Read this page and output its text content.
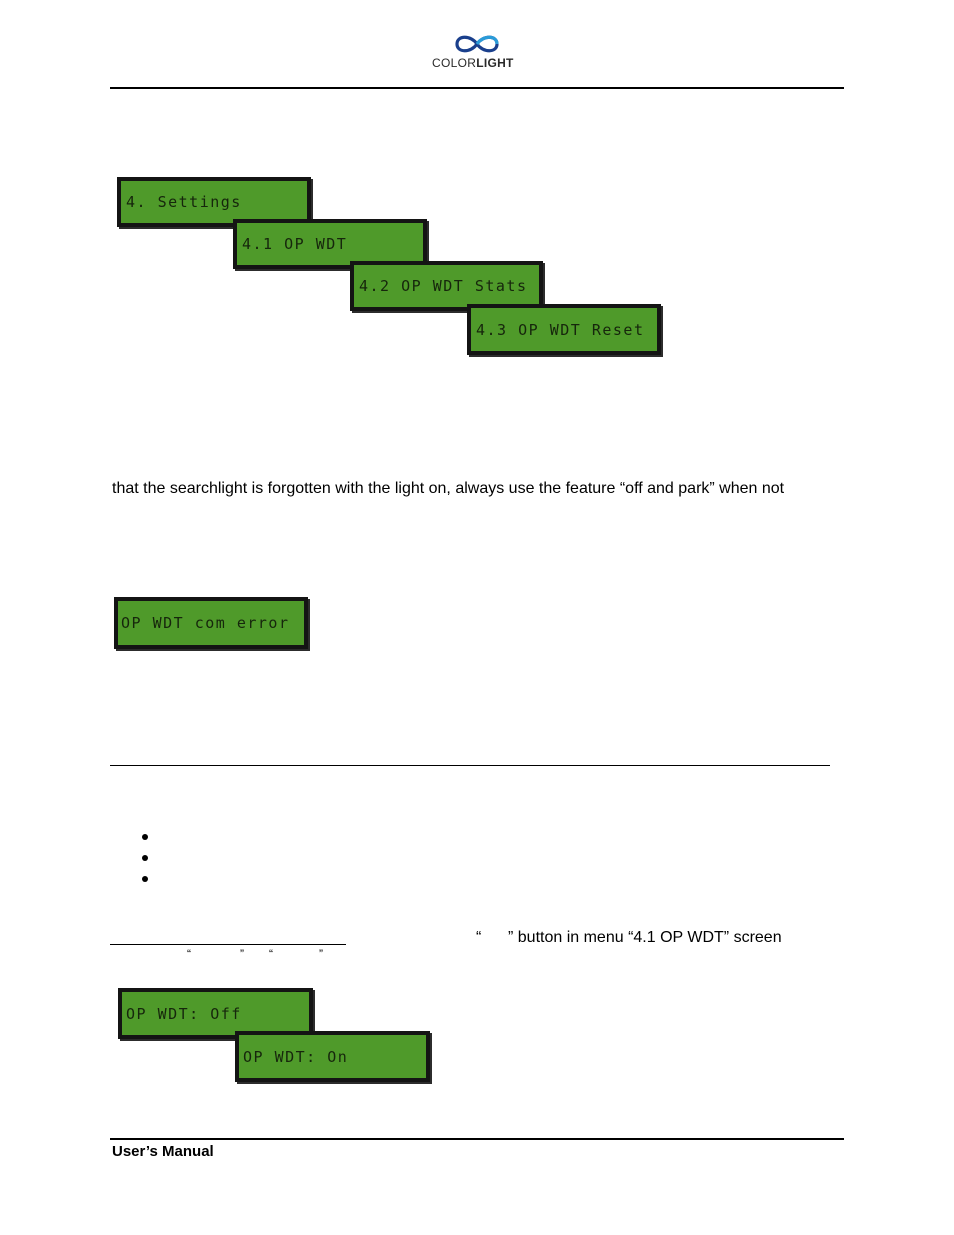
COLORLIGHT
4. Settings
4.1 OP WDT
4.2 OP WDT Stats
4.3 OP WDT Reset
that the searchlight is forgotten with the light on, always use the feature “off and park” when not
OP WDT com error
“ ” button in menu “4.1 OP WDT” screen
“	” “	”
OP WDT: Off
OP WDT: On
User’s Manual
